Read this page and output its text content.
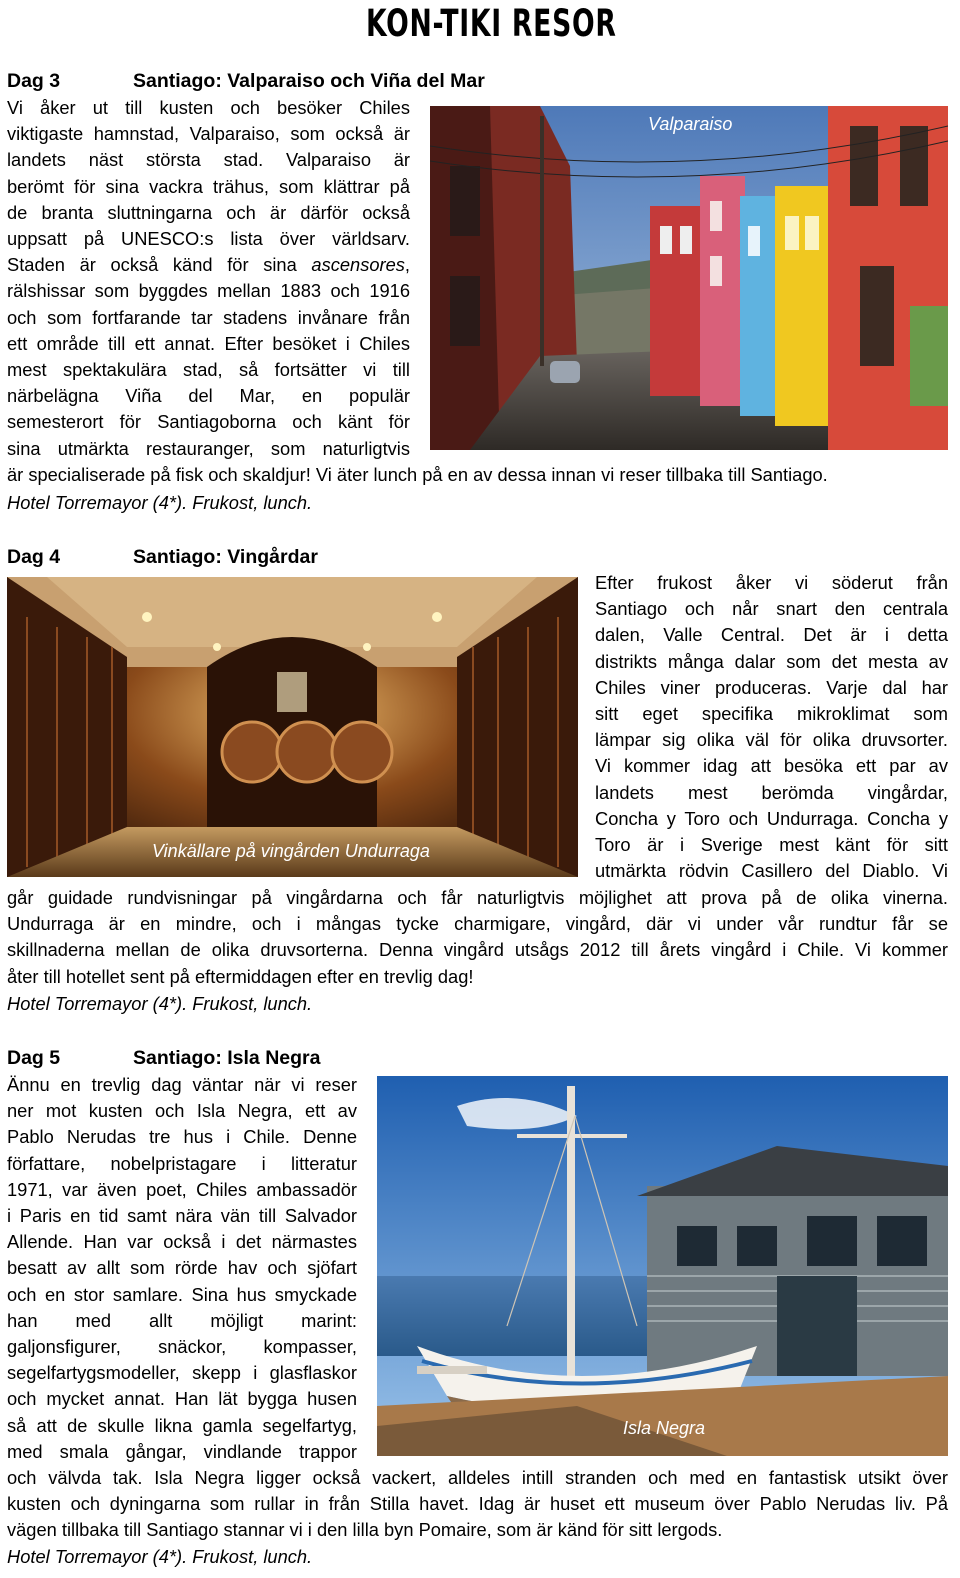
KON-TIKI RESOR
Dag 3	Santiago: Valparaiso och Viña del Mar
Valparaiso
Vi åker ut till kusten och besöker Chiles
viktigaste hamnstad, Valparaiso, som också är
landets näst största stad. Valparaiso är
berömt för sina vackra trähus, som klättrar på
de branta sluttningarna och är därför också
uppsatt på UNESCO:s lista över världsarv.
Staden är också känd för sina ascensores,
rälshissar som byggdes mellan 1883 och 1916
och som fortfarande tar stadens invånare från
ett område till ett annat. Efter besöket i Chiles
mest spektakulära stad, så fortsätter vi till
närbelägna Viña del Mar, en populär
semesterort för Santiagoborna och känt för
sina utmärkta restauranger, som naturligtvis
är specialiserade på fisk och skaldjur! Vi äter lunch på en av dessa innan vi reser tillbaka till Santiago.
Hotel Torremayor (4*). Frukost, lunch.
Dag 4	Santiago: Vingårdar
Vinkällare på vingården Undurraga
Efter frukost åker vi söderut från
Santiago och når snart den centrala
dalen, Valle Central. Det är i detta
distrikts många dalar som det mesta av
Chiles viner produceras. Varje dal har
sitt eget specifika mikroklimat som
lämpar sig olika väl för olika druvsorter.
Vi kommer idag att besöka ett par av
landets mest berömda vingårdar,
Concha y Toro och Undurraga. Concha y
Toro är i Sverige mest känt för sitt
utmärkta rödvin Casillero del Diablo. Vi
går guidade rundvisningar på vingårdarna och får naturligtvis möjlighet att prova på de olika vinerna.
Undurraga är en mindre, och i mångas tycke charmigare, vingård, där vi under vår rundtur får se
skillnaderna mellan de olika druvsorterna. Denna vingård utsågs 2012 till årets vingård i Chile. Vi kommer
åter till hotellet sent på eftermiddagen efter en trevlig dag!
Hotel Torremayor (4*). Frukost, lunch.
Dag 5	Santiago: Isla Negra
Isla Negra
Ännu en trevlig dag väntar när vi reser
ner mot kusten och Isla Negra, ett av
Pablo Nerudas tre hus i Chile. Denne
författare, nobelpristagare i litteratur
1971, var även poet, Chiles ambassadör
i Paris en tid samt nära vän till Salvador
Allende. Han var också i det närmastes
besatt av allt som rörde hav och sjöfart
och en stor samlare. Sina hus smyckade
han med allt möjligt marint:
galjonsfigurer, snäckor, kompasser,
segelfartygsmodeller, skepp i glasflaskor
och mycket annat. Han lät bygga husen
så att de skulle likna gamla segelfartyg,
med smala gångar, vindlande trappor
och välvda tak. Isla Negra ligger också vackert, alldeles intill stranden och med en fantastisk utsikt över
kusten och dyningarna som rullar in från Stilla havet. Idag är huset ett museum över Pablo Nerudas liv. På
vägen tillbaka till Santiago stannar vi i den lilla byn Pomaire, som är känd för sitt lergods.
Hotel Torremayor (4*). Frukost, lunch.
